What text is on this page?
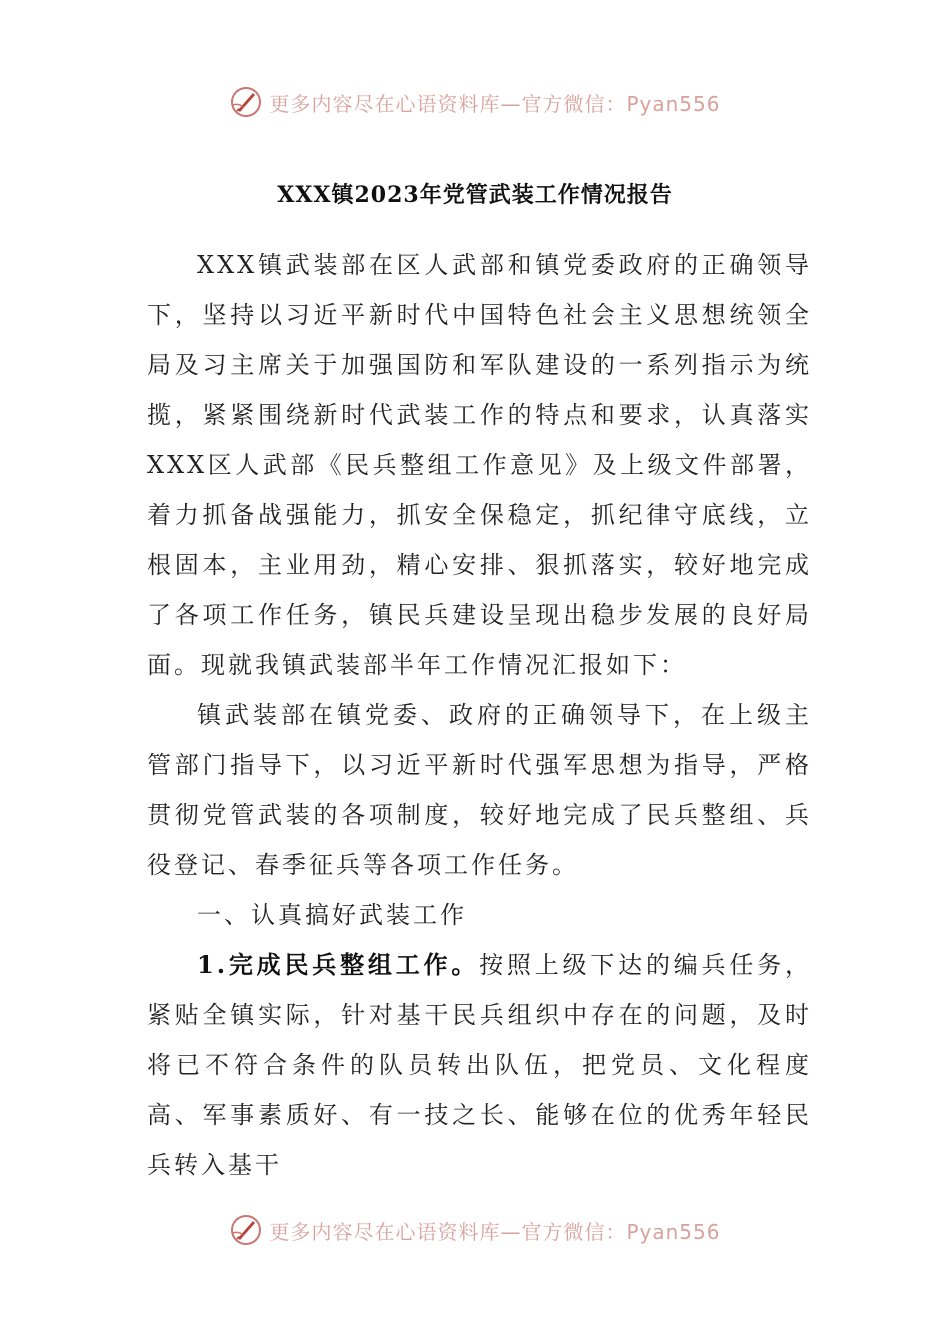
更多内容尽在心语资料库—官方微信：Pyan556
XXX镇2023年党管武装工作情况报告

XXX镇武装部在区人武部和镇党委政府的正确领导下，坚持以习近平新时代中国特色社会主义思想统领全局及习主席关于加强国防和军队建设的一系列指示为统揽，紧紧围绕新时代武装工作的特点和要求，认真落实XXX区人武部《民兵整组工作意见》及上级文件部署，着力抓备战强能力，抓安全保稳定，抓纪律守底线，立根固本，主业用劲，精心安排、狠抓落实，较好地完成了各项工作任务，镇民兵建设呈现出稳步发展的良好局面。现就我镇武装部半年工作情况汇报如下：

镇武装部在镇党委、政府的正确领导下，在上级主管部门指导下，以习近平新时代强军思想为指导，严格贯彻党管武装的各项制度，较好地完成了民兵整组、兵役登记、春季征兵等各项工作任务。

一、认真搞好武装工作

1.完成民兵整组工作。按照上级下达的编兵任务，紧贴全镇实际，针对基干民兵组织中存在的问题，及时将已不符合条件的队员转出队伍，把党员、文化程度高、军事素质好、有一技之长、能够在位的优秀年轻民兵转入基干

更多内容尽在心语资料库—官方微信：Pyan556
